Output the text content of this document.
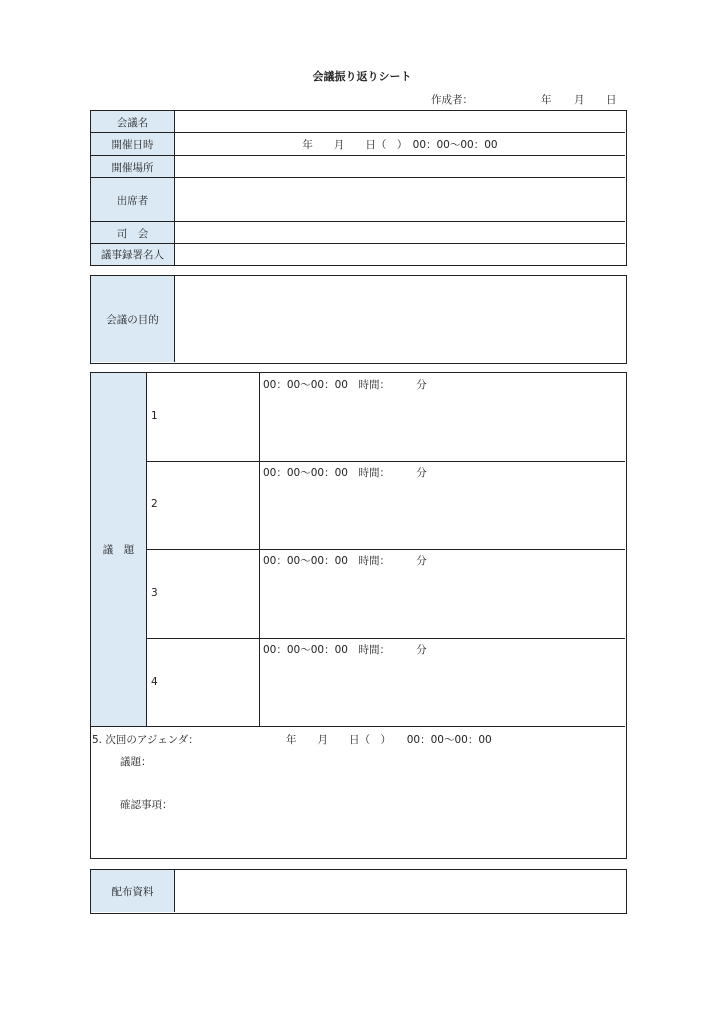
会議振り返りシート
作成者：	年 月 日
会議名
開催日時
開催場所
出席者
司　会
議事録署名人
年　　月　　日（　）　00：00〜00：00
会議の目的
議　題
1
00：00〜00：00　時間：　　　分
2
00：00〜00：00　時間：　　　分
3
00：00〜00：00　時間：　　　分
4
00：00〜00：00　時間：　　　分
5. 次回のアジェンダ：	年　　月　　日（　）　　00：00〜00：00
議題：
確認事項：
配布資料
